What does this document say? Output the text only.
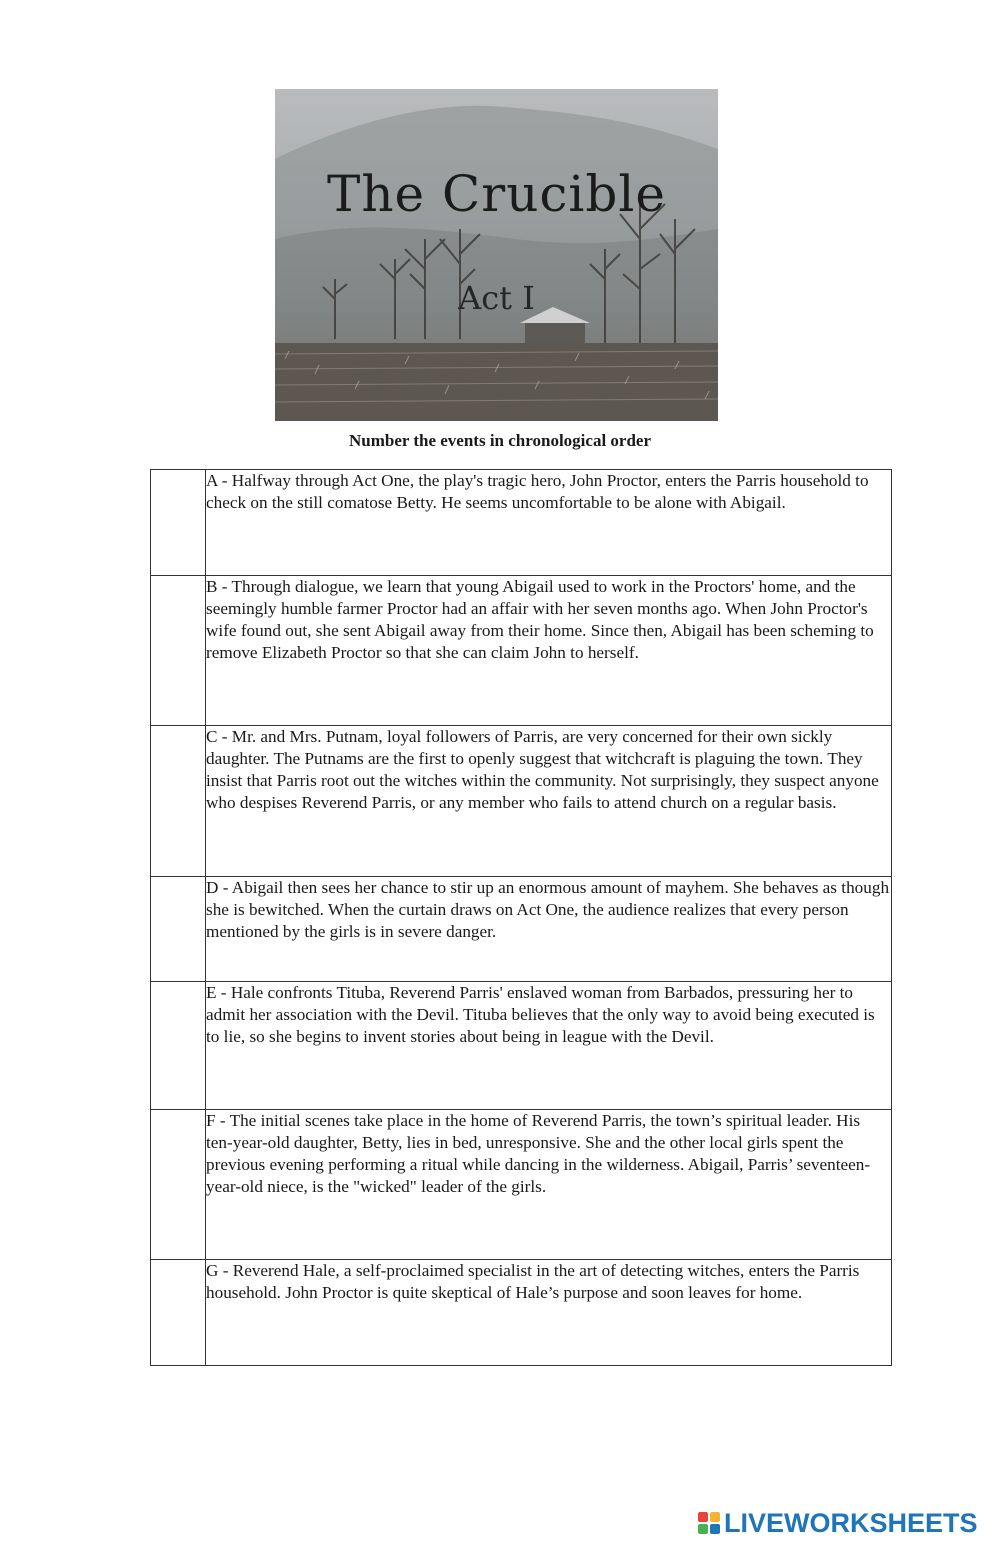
The Crucible
Act I
Number the events in chronological order
	A - Halfway through Act One, the play's tragic hero, John Proctor, enters the Parris household to check on the still comatose Betty. He seems uncomfortable to be alone with Abigail.

	B - Through dialogue, we learn that young Abigail used to work in the Proctors' home, and the seemingly humble farmer Proctor had an affair with her seven months ago. When John Proctor's wife found out, she sent Abigail away from their home. Since then, Abigail has been scheming to remove Elizabeth Proctor so that she can claim John to herself.

	C - Mr. and Mrs. Putnam, loyal followers of Parris, are very concerned for their own sickly daughter. The Putnams are the first to openly suggest that witchcraft is plaguing the town. They insist that Parris root out the witches within the community. Not surprisingly, they suspect anyone who despises Reverend Parris, or any member who fails to attend church on a regular basis.

	D - Abigail then sees her chance to stir up an enormous amount of mayhem. She behaves as though she is bewitched. When the curtain draws on Act One, the audience realizes that every person mentioned by the girls is in severe danger.

	E - Hale confronts Tituba, Reverend Parris' enslaved woman from Barbados, pressuring her to admit her association with the Devil. Tituba believes that the only way to avoid being executed is to lie, so she begins to invent stories about being in league with the Devil.

	F - The initial scenes take place in the home of Reverend Parris, the town’s spiritual leader. His ten-year-old daughter, Betty, lies in bed, unresponsive. She and the other local girls spent the previous evening performing a ritual while dancing in the wilderness. Abigail, Parris’ seventeen-year-old niece, is the "wicked" leader of the girls.

	G - Reverend Hale, a self-proclaimed specialist in the art of detecting witches, enters the Parris household. John Proctor is quite skeptical of Hale’s purpose and soon leaves for home.
LIVEWORKSHEETS
